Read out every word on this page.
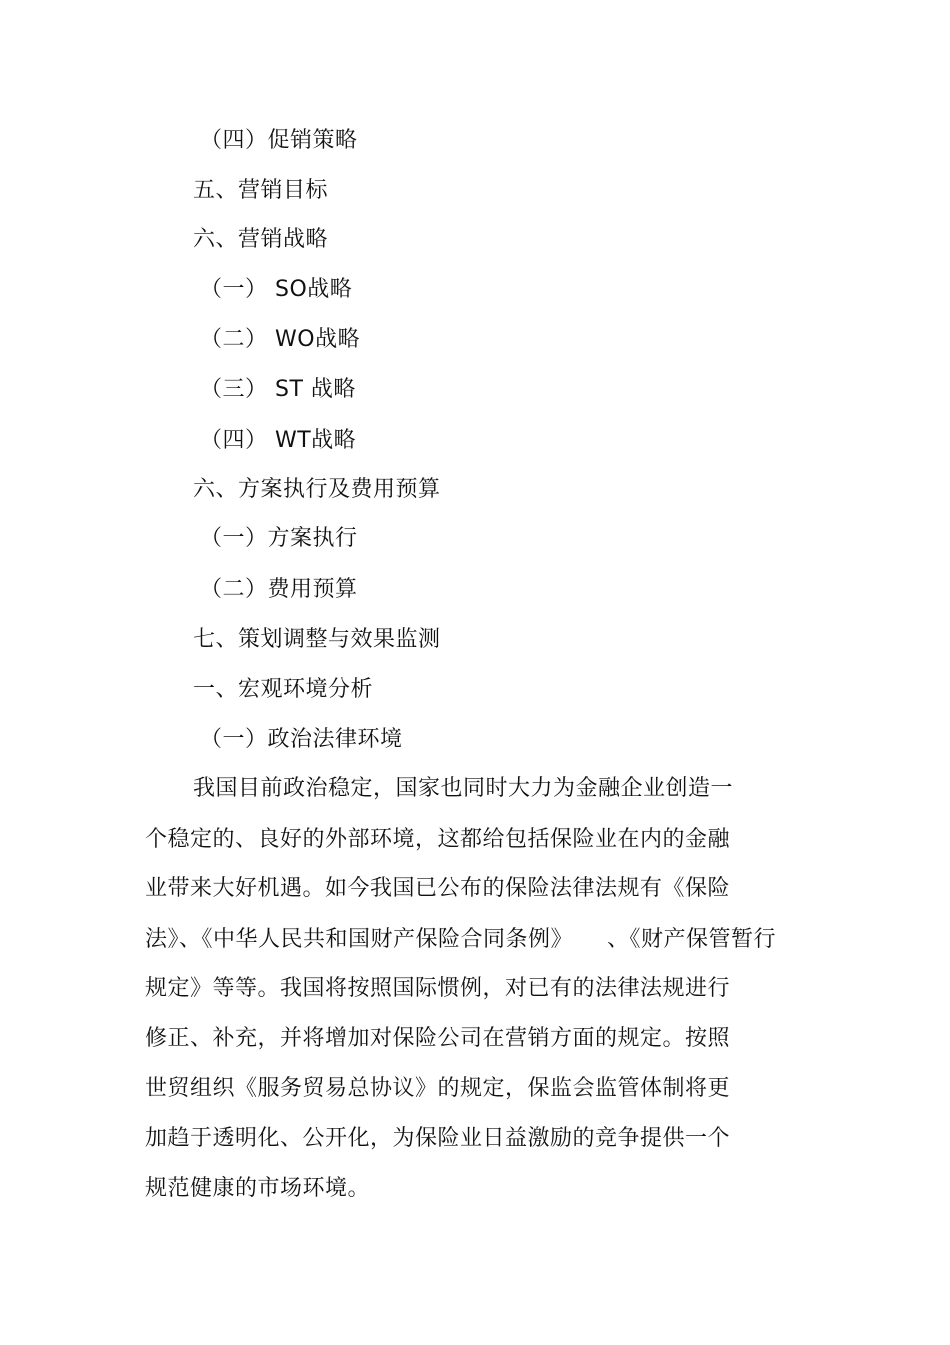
（四）促销策略
五、营销目标
六、营销战略
（一） SO战略
（二） WO战略
（三） ST 战略
（四） WT战略
六、方案执行及费用预算
（一）方案执行
（二）费用预算
七、策划调整与效果监测
一、宏观环境分析
（一）政治法律环境
我国目前政治稳定，国家也同时大力为金融企业创造一
个稳定的、良好的外部环境，这都给包括保险业在内的金融
业带来大好机遇。如今我国已公布的保险法律法规有《保险
法》、《中华人民共和国财产保险合同条例》　　、《财产保管暂行
规定》等等。我国将按照国际惯例，对已有的法律法规进行
修正、补充，并将增加对保险公司在营销方面的规定。按照
世贸组织《服务贸易总协议》的规定，保监会监管体制将更
加趋于透明化、公开化，为保险业日益激励的竞争提供一个
规范健康的市场环境。
